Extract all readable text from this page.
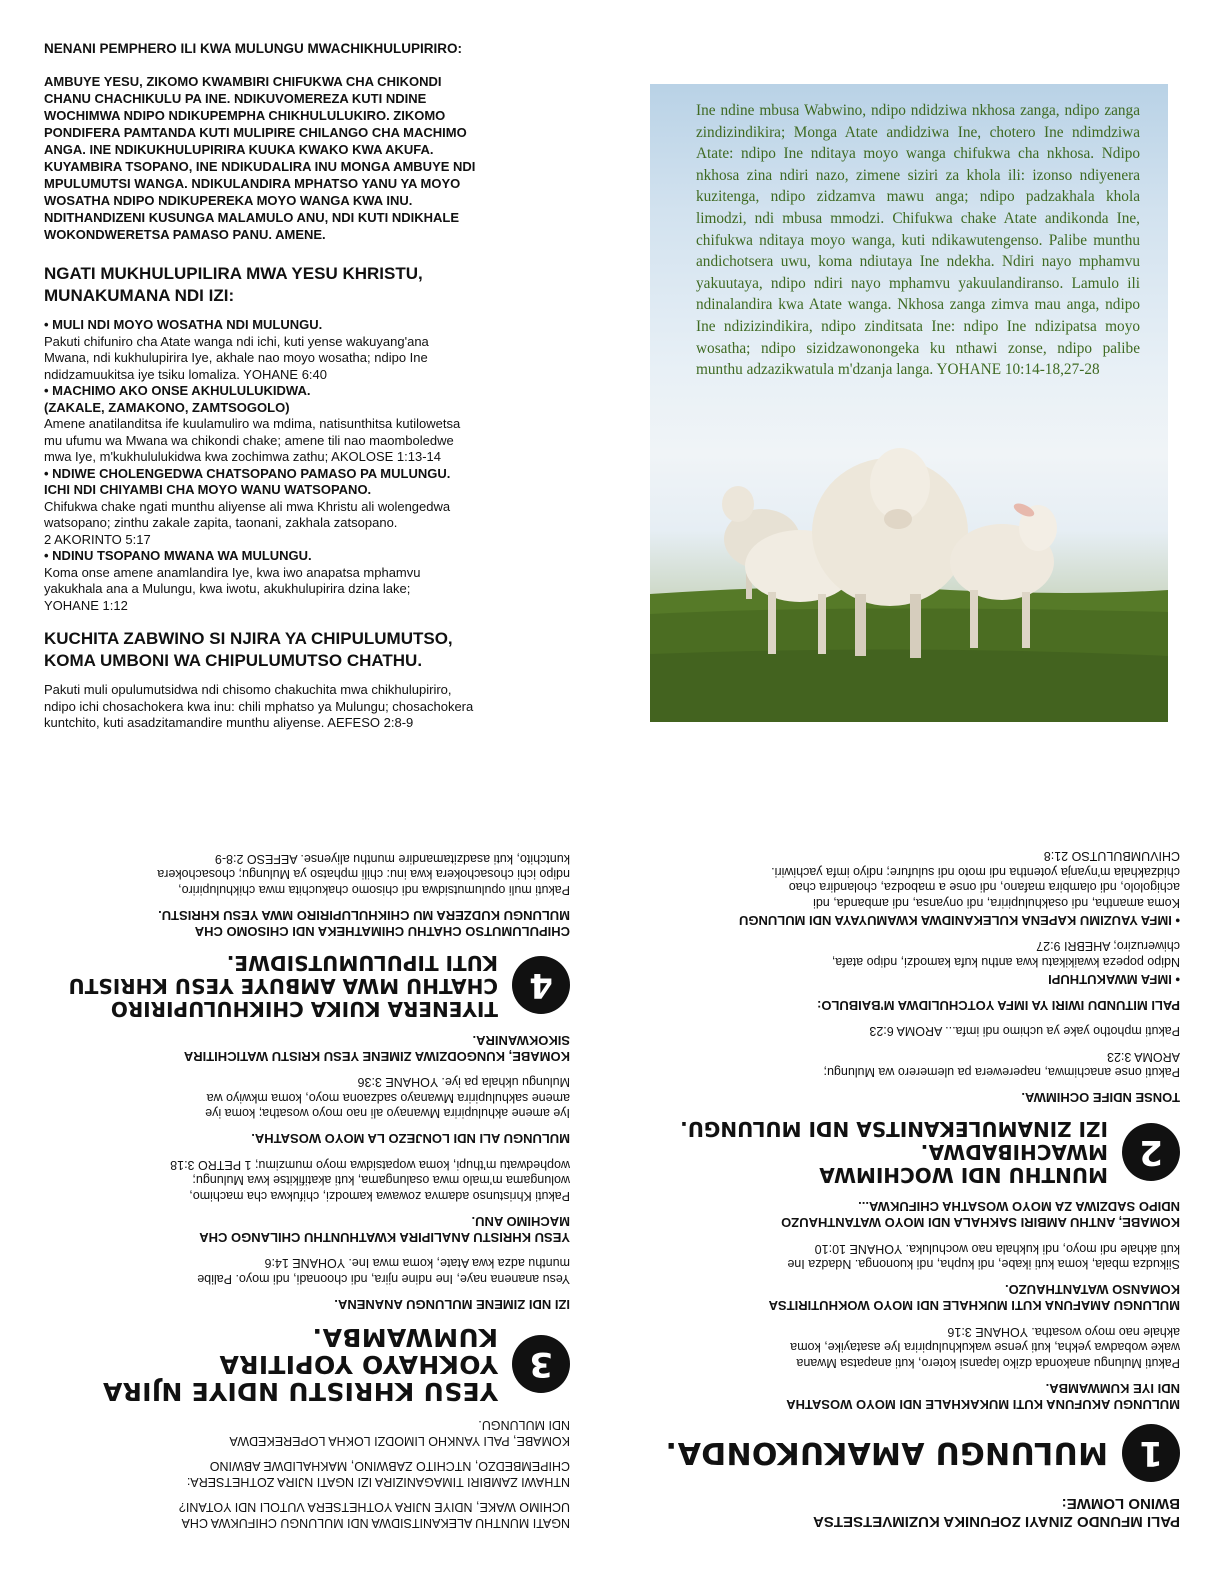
NENANI PEMPHERO ILI KWA MULUNGU MWACHIKHULUPIRIRO:
AMBUYE YESU, ZIKOMO KWAMBIRI CHIFUKWA CHA CHIKONDI
CHANU CHACHIKULU PA INE. NDIKUVOMEREZA KUTI NDINE
WOCHIMWA NDIPO NDIKUPEMPHA CHIKHULULUKIRO. ZIKOMO
PONDIFERA PAMTANDA KUTI MULIPIRE CHILANGO CHA MACHIMO
ANGA. INE NDIKUKHULUPIRIRA KUUKA KWAKO KWA AKUFA.
KUYAMBIRA TSOPANO, INE NDIKUDALIRA INU MONGA AMBUYE NDI
MPULUMUTSI WANGA. NDIKULANDIRA MPHATSO YANU YA MOYO
WOSATHA NDIPO NDIKUPEREKA MOYO WANGA KWA INU.
NDITHANDIZENI KUSUNGA MALAMULO ANU, NDI KUTI NDIKHALE
WOKONDWERETSA PAMASO PANU. AMENE.
NGATI MUKHULUPILIRA MWA YESU KHRISTU,
MUNAKUMANA NDI IZI:
• MULI NDI MOYO WOSATHA NDI MULUNGU.
Pakuti chifuniro cha Atate wanga ndi ichi, kuti yense wakuyang'ana
Mwana, ndi kukhulupirira Iye, akhale nao moyo wosatha; ndipo Ine
ndidzamuukitsa iye tsiku lomaliza. YOHANE 6:40
• MACHIMO AKO ONSE AKHULULUKIDWA.
(ZAKALE, ZAMAKONO, ZAMTSOGOLO)
Amene anatilanditsa ife kuulamuliro wa mdima, natisunthitsa kutilowetsa
mu ufumu wa Mwana wa chikondi chake; amene tili nao maomboledwe
mwa Iye, m'kukhululukidwa kwa zochimwa zathu; AKOLOSE 1:13-14
• NDIWE CHOLENGEDWA CHATSOPANO PAMASO PA MULUNGU.
ICHI NDI CHIYAMBI CHA MOYO WANU WATSOPANO.
Chifukwa chake ngati munthu aliyense ali mwa Khristu ali wolengedwa
watsopano; zinthu zakale zapita, taonani, zakhala zatsopano.
2 AKORINTO 5:17
• NDINU TSOPANO MWANA WA MULUNGU.
Koma onse amene anamlandira Iye, kwa iwo anapatsa mphamvu
yakukhala ana a Mulungu, kwa iwotu, akukhulupirira dzina lake;
YOHANE 1:12
KUCHITA ZABWINO SI NJIRA YA CHIPULUMUTSO,
KOMA UMBONI WA CHIPULUMUTSO CHATHU.
Pakuti muli opulumutsidwa ndi chisomo chakuchita mwa chikhulupiriro,
ndipo ichi chosachokera kwa inu: chili mphatso ya Mulungu; chosachokera
kuntchito, kuti asadzitamandire munthu aliyense. AEFESO 2:8-9
Ine ndine mbusa Wabwino, ndipo ndidziwa nkhosa zanga, ndipo zanga zindizindikira; Monga Atate andidziwa Ine, chotero Ine ndimdziwa Atate: ndipo Ine nditaya moyo wanga chifukwa cha nkhosa. Ndipo nkhosa zina ndiri nazo, zimene siziri za khola ili: izonso ndiyenera kuzitenga, ndipo zidzamva mawu anga; ndipo padzakhala khola limodzi, ndi mbusa mmodzi. Chifukwa chake Atate andikonda Ine, chifukwa nditaya moyo wanga, kuti ndikawutengenso. Palibe munthu andichotsera uwu, koma ndiutaya Ine ndekha. Ndiri nayo mphamvu yakuutaya, ndipo ndiri nayo mphamvu yakuulandiranso. Lamulo ili ndinalandira kwa Atate wanga. Nkhosa zanga zimva mau anga, ndipo Ine ndizizindikira, ndipo zinditsata Ine: ndipo Ine ndizipatsa moyo wosatha; ndipo sizidzawonongeka ku nthawi zonse, ndipo palibe munthu adzazikwatula m'dzanja langa. YOHANE 10:14-18,27-28
NGATI MUNTHU ALEKANITSIDWA NDI MULUNGU CHIFUKWA CHA
UCHIMO WAKE, NDIYE NJIRA YOTHETSERA VUTOLI NDI YOTANI?
NTHAWI ZAMBIRI TIMAGANIZIRA IZI NGATI NJIRA ZOTHETSERA:
CHIPEMBEDZO, NTCHITO ZABWINO, MAKHALIDWE ABWINO
KOMABE, PALI YANKHO LIMODZI LOKHA LOPEREKEDWA
NDI MULUNGU.
3
YESU KHRISTU NDIYE NJIRA
YOKHAYO YOPITIRA KUMWAMBA.
IZI NDI ZIMENE MULUNGU ANANENA.
Yesu ananena naye, Ine ndine njira, ndi choonadi, ndi moyo. Palibe
munthu adza kwa Atate, koma mwa Ine. YOHANE 14:6
YESU KHRISTU ANALIPIRA KWATHUNTHU CHILANGO CHA
MACHIMO ANU.
Pakuti Khristunso adamva zowawa kamodzi, chifukwa cha machimo,
wolungama m'malo mwa osalungama, kuti akatifikitse kwa Mulungu;
wophedwatu m'thupi, koma wopatsidwa moyo mumzimu; 1 PETRO 3:18
MULUNGU ALI NDI LONJEZO LA MOYO WOSATHA.
Iye amene akhulupirira Mwanayo ali nao moyo wosatha; koma iye
amene sakhulupirira Mwanayo sadzaona moyo, koma mkwiyo wa
Mulungu ukhala pa iye. YOHANE 3:36
KOMABE, KUNGODZIWA ZIMENE YESU KRISTU WATICHITIRA
SIKOKWANIRA.
4
TIYENERA KUIKA CHIKHULUPIRIRO
CHATHU MWA AMBUYE YESU KHRISTU
KUTI TIPULUMUTSIDWE.
CHIPULUMUTSO CHATHU CHIMATHEKA NDI CHISOMO CHA
MULUNGU KUDZERA MU CHIKHULUPIRIRO MWA YESU KHRISTU.
Pakuti muli opulumutsidwa ndi chisomo chakuchita mwa chikhulupiriro,
ndipo ichi chosachokera kwa inu: chili mphatso ya Mulungu; chosachokera
kuntchito, kuti asadzitamandire munthu aliyense. AEFESO 2:8-9
PALI MFUNDO ZINAYI ZOFUNIKA KUZIMVETSETSA
BWINO LOMWE:
1
MULUNGU AMAKUKONDA.
MULUNGU AKUFUNA KUTI MUKAKHALE NDI MOYO WOSATHA
NDI IYE KUMWAMBA.
Pakuti Mulungu anakonda dziko lapansi kotero, kuti anapatsa Mwana
wake wobadwa yekha, kuti yense wakukhulupirira Iye asatayike, koma
akhale nao moyo wosatha. YOHANE 3:16
MULUNGU AMAFUNA KUTI MUKHALE NDI MOYO WOKHUTIRITSA
KOMANSO WATANTHAUZO.
Siikudza mbala, koma kuti ikabe, ndi kupha, ndi kuononga. Ndadza Ine
kuti akhale ndi moyo, ndi kukhala nao wochuluka. YOHANE 10:10
KOMABE, ANTHU AMBIRI SAKHALA NDI MOYO WATANTHAUZO
NDIPO SADZIWA ZA MOYO WOSATHA CHIFUKWA...
2
MUNTHU NDI WOCHIMWA MWACHIBADWA.
IZI ZINAMULEKANITSA NDI MULUNGU.
TONSE NDIFE OCHIMWA.
Pakuti onse anachimwa, naperewera pa ulemerero wa Mulungu;
AROMA 3:23
Pakuti mphotho yake ya uchimo ndi imfa... AROMA 6:23
PALI MITUNDU IWIRI YA IMFA YOTCHULIDWA M'BAIBULO:
• IMFA MWAKUTHUPI
Ndipo popeza kwaikikatu kwa anthu kufa kamodzi, ndipo atafa,
chiweruziro; AHEBRI 9:27
• IMFA YAUZIMU KAPENA KULEKANIDWA KWAMUYAYA NDI MULUNGU
Koma amantha, ndi osakhulupirira, ndi onyansa, ndi ambanda, ndi
achigololo, ndi olambira mafano, ndi onse a mabodza, cholandira chao
chidzakhala m'nyanja yotentha ndi moto ndi sulufure; ndiyo imfa yachiwiri.
CHIVUMBULUTSO 21:8
